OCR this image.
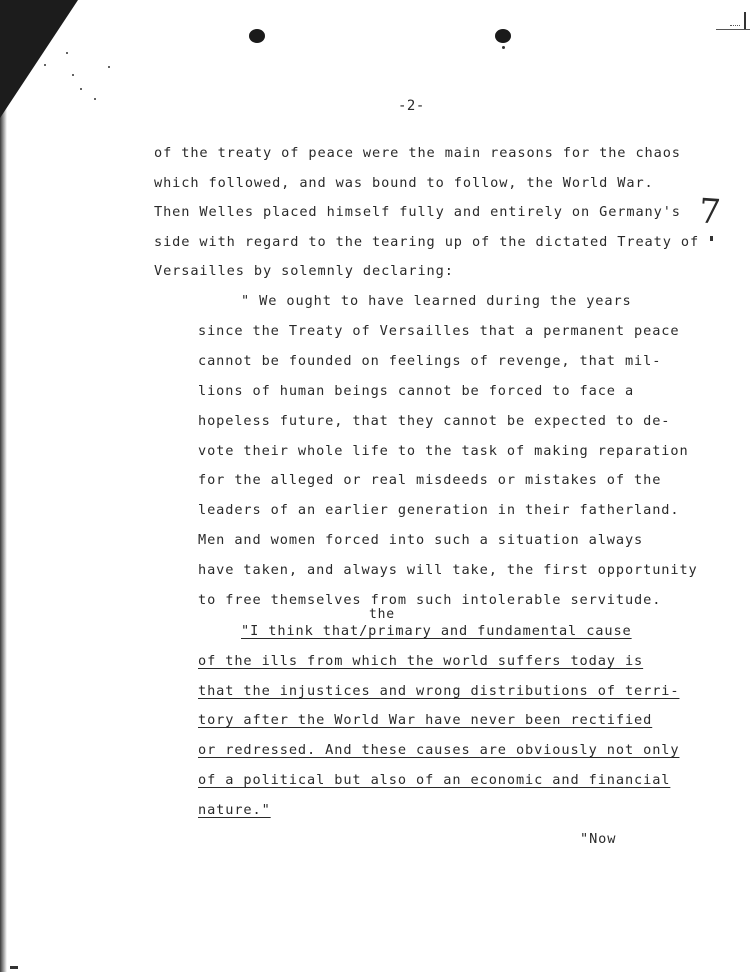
-2-
of the treaty of peace were the main reasons for the chaos
which followed, and was bound to follow, the World War.
Then Welles placed himself fully and entirely on Germany's
side with regard to the tearing up of the dictated Treaty of
Versailles by solemnly declaring:
7
" We ought to have learned during the years
since the Treaty of Versailles that a permanent peace
cannot be founded on feelings of revenge, that mil-
lions of human beings cannot be forced to face a
hopeless future, that they cannot be expected to de-
vote their whole life to the task of making reparation
for the alleged or real misdeeds or mistakes of the
leaders of an earlier generation in their fatherland.
Men and women forced into such a situation always
have taken, and always will take, the first opportunity
to free themselves from such intolerable servitude.
the
"I think that/primary and fundamental cause
of the ills from which the world suffers today is
that the injustices and wrong distributions of terri-
tory after the World War have never been rectified
or redressed. And these causes are obviously not only
of a political but also of an economic and financial
nature."
"Now
